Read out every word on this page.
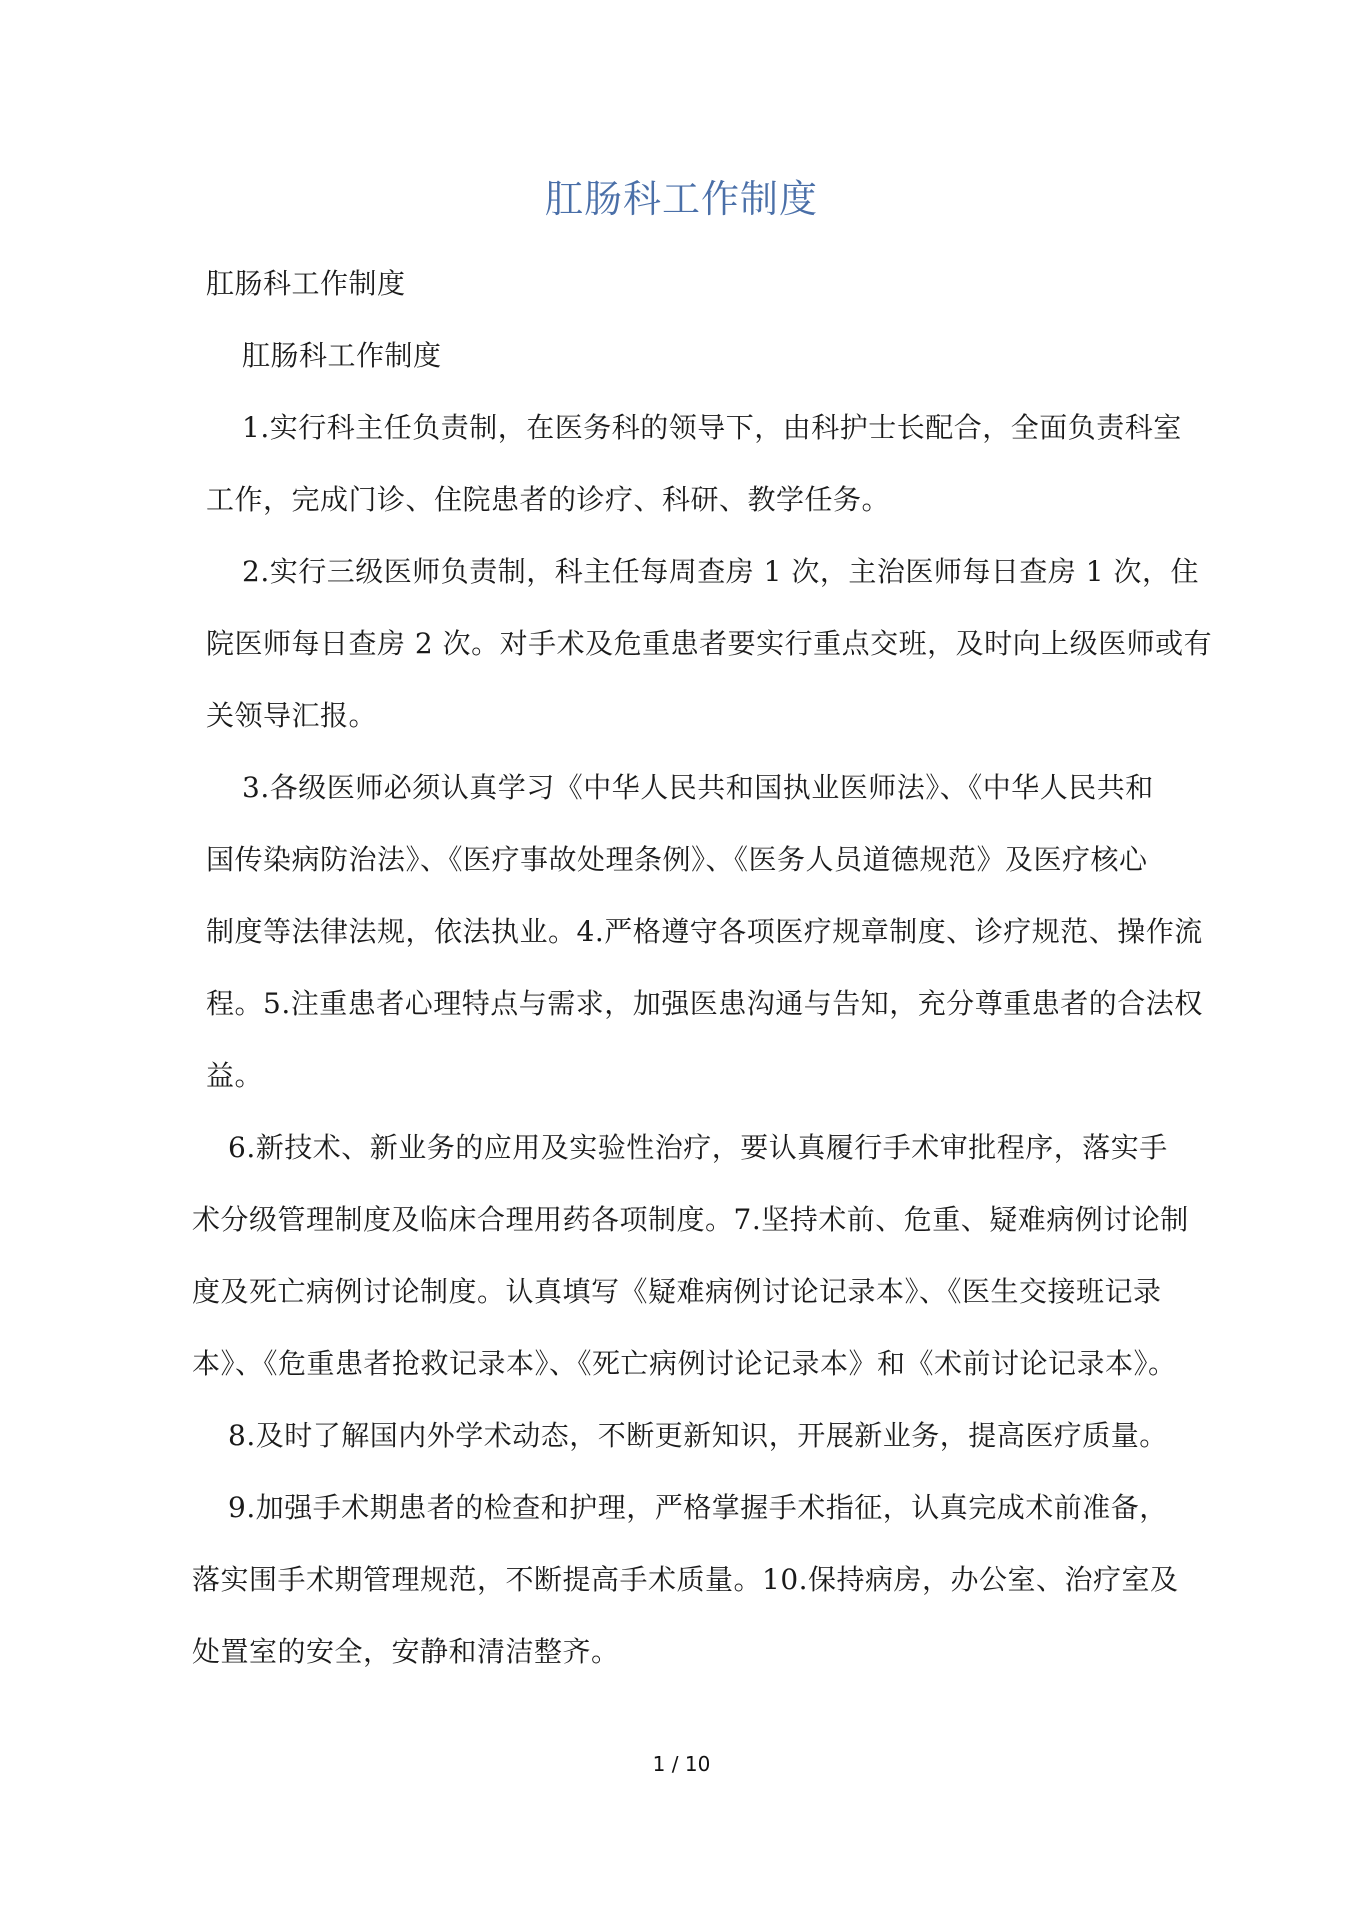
肛肠科工作制度
肛肠科工作制度
肛肠科工作制度
1.实行科主任负责制，在医务科的领导下，由科护士长配合，全面负责科室
工作，完成门诊、住院患者的诊疗、科研、教学任务。
2.实行三级医师负责制，科主任每周查房 1 次，主治医师每日查房 1 次，住
院医师每日查房 2 次。对手术及危重患者要实行重点交班，及时向上级医师或有
关领导汇报。
3.各级医师必须认真学习《中华人民共和国执业医师法》、《中华人民共和
国传染病防治法》、《医疗事故处理条例》、《医务人员道德规范》及医疗核心
制度等法律法规，依法执业。4.严格遵守各项医疗规章制度、诊疗规范、操作流
程。5.注重患者心理特点与需求，加强医患沟通与告知，充分尊重患者的合法权
益。
6.新技术、新业务的应用及实验性治疗，要认真履行手术审批程序，落实手
术分级管理制度及临床合理用药各项制度。7.坚持术前、危重、疑难病例讨论制
度及死亡病例讨论制度。认真填写《疑难病例讨论记录本》、《医生交接班记录
本》、《危重患者抢救记录本》、《死亡病例讨论记录本》和《术前讨论记录本》。
8.及时了解国内外学术动态，不断更新知识，开展新业务，提高医疗质量。
9.加强手术期患者的检查和护理，严格掌握手术指征，认真完成术前准备，
落实围手术期管理规范，不断提高手术质量。10.保持病房，办公室、治疗室及
处置室的安全，安静和清洁整齐。
1 / 10
